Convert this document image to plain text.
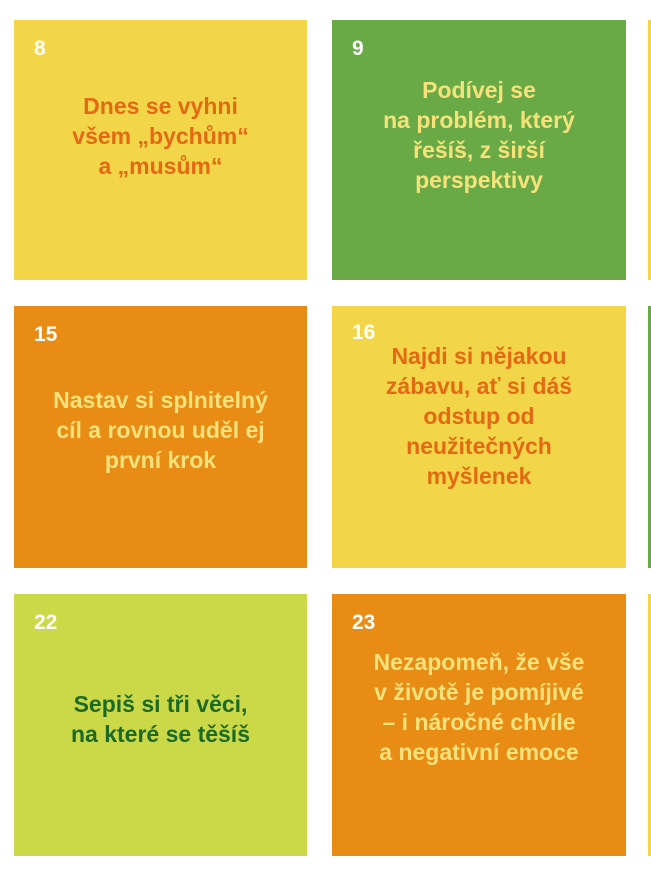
8
Dnes se vyhni
všem „bychům“
a „musům“
9
Podívej se
na problém, který
řešíš, z širší
perspektivy
15
Nastav si splnitelný
cíl a rovnou uděl ej
první krok
16
Najdi si nějakou
zábavu, ať si dáš
odstup od
neužitečných
myšlenek
22
Sepiš si tři věci,
na které se těšíš
23
Nezapomeň, že vše
v životě je pomíjivé
– i náročné chvíle
a negativní emoce
